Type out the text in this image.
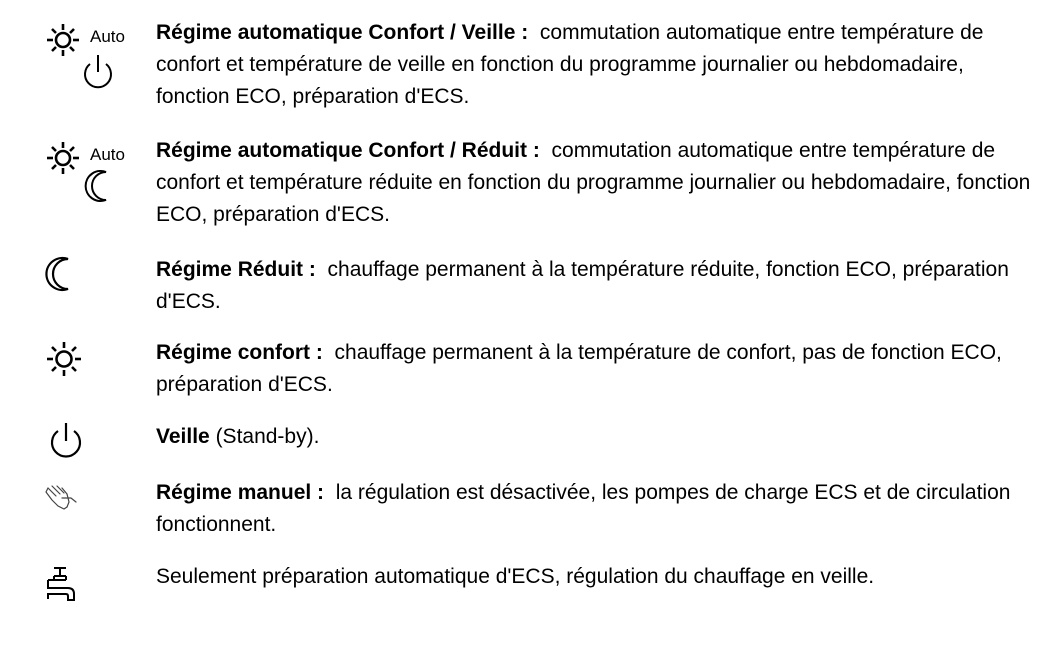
Auto Régime automatique Confort / Veille : commutation automatique entre température de confort et température de veille en fonction du programme journalier ou hebdomadaire, fonction ECO, préparation d'ECS.

Auto Régime automatique Confort / Réduit : commutation automatique entre température de confort et température réduite en fonction du programme journalier ou hebdomadaire, fonction ECO, préparation d'ECS.

Régime Réduit : chauffage permanent à la température réduite, fonction ECO, préparation d'ECS.

Régime confort : chauffage permanent à la température de confort, pas de fonction ECO, préparation d'ECS.

Veille (Stand-by).

Régime manuel : la régulation est désactivée, les pompes de charge ECS et de circulation fonctionnent.

Seulement préparation automatique d'ECS, régulation du chauffage en veille.
